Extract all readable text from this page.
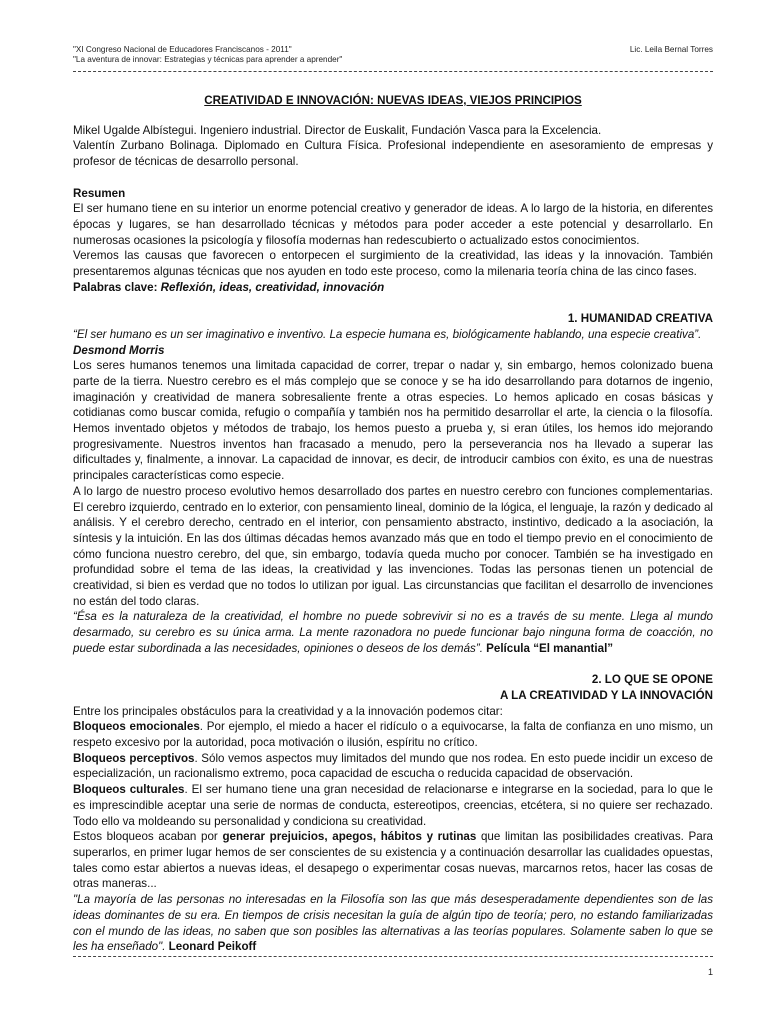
"XI Congreso Nacional de Educadores Franciscanos - 2011"
"La aventura de innovar: Estrategias y técnicas para aprender a aprender"
Lic. Leila Bernal Torres

CREATIVIDAD E INNOVACIÓN: NUEVAS IDEAS, VIEJOS PRINCIPIOS

Mikel Ugalde Albístegui. Ingeniero industrial. Director de Euskalit, Fundación Vasca para la Excelencia.

Valentín Zurbano Bolinaga. Diplomado en Cultura Física. Profesional independiente en asesoramiento de empresas y profesor de técnicas de desarrollo personal.

Resumen

El ser humano tiene en su interior un enorme potencial creativo y generador de ideas. A lo largo de la historia, en diferentes épocas y lugares, se han desarrollado técnicas y métodos para poder acceder a este potencial y desarrollarlo. En numerosas ocasiones la psicología y filosofía modernas han redescubierto o actualizado estos conocimientos.

Veremos las causas que favorecen o entorpecen el surgimiento de la creatividad, las ideas y la innovación. También presentaremos algunas técnicas que nos ayuden en todo este proceso, como la milenaria teoría china de las cinco fases.

Palabras clave: Reflexión, ideas, creatividad, innovación

1. HUMANIDAD CREATIVA

“El ser humano es un ser imaginativo e inventivo. La especie humana es, biológicamente hablando, una especie creativa”.

Desmond Morris

Los seres humanos tenemos una limitada capacidad de correr, trepar o nadar y, sin embargo, hemos colonizado buena parte de la tierra. Nuestro cerebro es el más complejo que se conoce y se ha ido desarrollando para dotarnos de ingenio, imaginación y creatividad de manera sobresaliente frente a otras especies. Lo hemos aplicado en cosas básicas y cotidianas como buscar comida, refugio o compañía y también nos ha permitido desarrollar el arte, la ciencia o la filosofía. Hemos inventado objetos y métodos de trabajo, los hemos puesto a prueba y, si eran útiles, los hemos ido mejorando progresivamente. Nuestros inventos han fracasado a menudo, pero la perseverancia nos ha llevado a superar las dificultades y, finalmente, a innovar. La capacidad de innovar, es decir, de introducir cambios con éxito, es una de nuestras principales características como especie.

A lo largo de nuestro proceso evolutivo hemos desarrollado dos partes en nuestro cerebro con funciones complementarias. El cerebro izquierdo, centrado en lo exterior, con pensamiento lineal, dominio de la lógica, el lenguaje, la razón y dedicado al análisis. Y el cerebro derecho, centrado en el interior, con pensamiento abstracto, instintivo, dedicado a la asociación, la síntesis y la intuición. En las dos últimas décadas hemos avanzado más que en todo el tiempo previo en el conocimiento de cómo funciona nuestro cerebro, del que, sin embargo, todavía queda mucho por conocer. También se ha investigado en profundidad sobre el tema de las ideas, la creatividad y las invenciones. Todas las personas tienen un potencial de creatividad, si bien es verdad que no todos lo utilizan por igual. Las circunstancias que facilitan el desarrollo de invenciones no están del todo claras.

“Ésa es la naturaleza de la creatividad, el hombre no puede sobrevivir si no es a través de su mente. Llega al mundo desarmado, su cerebro es su única arma. La mente razonadora no puede funcionar bajo ninguna forma de coacción, no puede estar subordinada a las necesidades, opiniones o deseos de los demás”. Película “El manantial”

2. LO QUE SE OPONE

A LA CREATIVIDAD Y LA INNOVACIÓN

Entre los principales obstáculos para la creatividad y a la innovación podemos citar:

Bloqueos emocionales. Por ejemplo, el miedo a hacer el ridículo o a equivocarse, la falta de confianza en uno mismo, un respeto excesivo por la autoridad, poca motivación o ilusión, espíritu no crítico.

Bloqueos perceptivos. Sólo vemos aspectos muy limitados del mundo que nos rodea. En esto puede incidir un exceso de especialización, un racionalismo extremo, poca capacidad de escucha o reducida capacidad de observación.

Bloqueos culturales. El ser humano tiene una gran necesidad de relacionarse e integrarse en la sociedad, para lo que le es imprescindible aceptar una serie de normas de conducta, estereotipos, creencias, etcétera, si no quiere ser rechazado. Todo ello va moldeando su personalidad y condiciona su creatividad.

Estos bloqueos acaban por generar prejuicios, apegos, hábitos y rutinas que limitan las posibilidades creativas. Para superarlos, en primer lugar hemos de ser conscientes de su existencia y a continuación desarrollar las cualidades opuestas, tales como estar abiertos a nuevas ideas, el desapego o experimentar cosas nuevas, marcarnos retos, hacer las cosas de otras maneras...

"La mayoría de las personas no interesadas en la Filosofía son las que más desesperadamente dependientes son de las ideas dominantes de su era. En tiempos de crisis necesitan la guía de algún tipo de teoría; pero, no estando familiarizadas con el mundo de las ideas, no saben que son posibles las alternativas a las teorías populares. Solamente saben lo que se les ha enseñado". Leonard Peikoff

1
